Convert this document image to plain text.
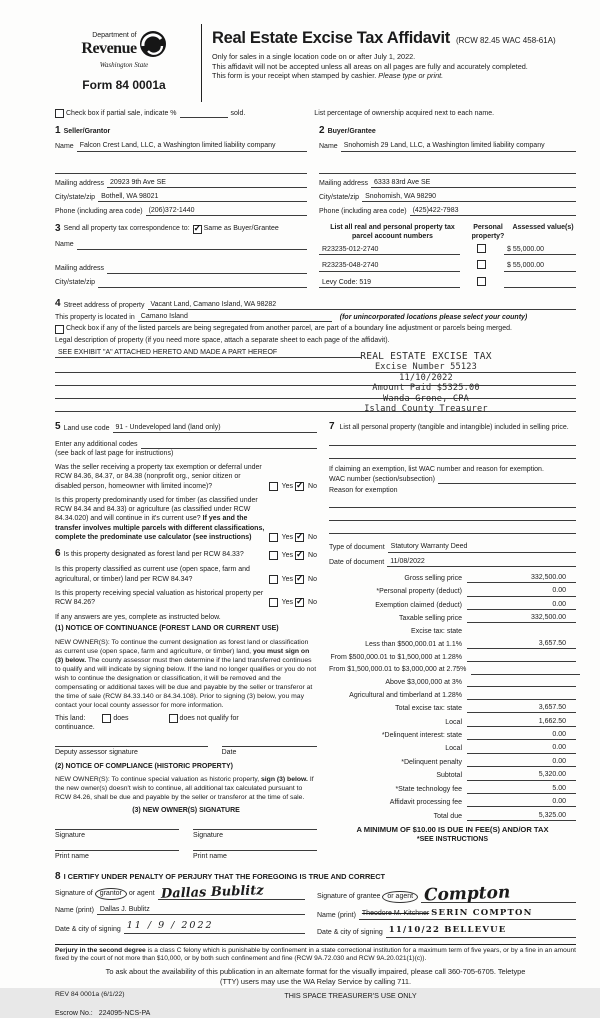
Department of
Revenue
Washington State
Form 84 0001a
Real Estate Excise Tax Affidavit (RCW 82.45 WAC 458-61A)
Only for sales in a single location code on or after July 1, 2022.
This affidavit will not be accepted unless all areas on all pages are fully and accurately completed.
This form is your receipt when stamped by cashier. Please type or print.
Check box if partial sale, indicate %	sold.	List percentage of ownership acquired next to each name.
1 Seller/Grantor
Name Falcon Crest Land, LLC, a Washington limited liability company
Mailing address 20923 9th Ave SE
City/state/zip Bothell, WA 98021
Phone (including area code) (206)372-1440
3 Send all property tax correspondence to: ✓	Same as Buyer/Grantee
Name
Mailing address
City/state/zip
2 Buyer/Grantee
Name Snohomish 29 Land, LLC, a Washington limited liability company
Mailing address 6333 83rd Ave SE
City/state/zip Snohomish, WA 98290
Phone (including area code) (425)422-7983
List all real and personal property tax parcel account numbers
Personal property?
Assessed value(s)
R23235-012-2740	$ 55,000.00
R23235-048-2740	$ 55,000.00
Levy Code: 519
4 Street address of property Vacant Land, Camano Island, WA 98282
This property is located in Camano Island	(for unincorporated locations please select your county)
Check box if any of the listed parcels are being segregated from another parcel, are part of a boundary line adjustment or parcels being merged.
Legal description of property (if you need more space, attach a separate sheet to each page of the affidavit).
SEE EXHIBIT "A" ATTACHED HERETO AND MADE A PART HEREOF	REAL ESTATE EXCISE TAX
Excise Number 55123
11/10/2022
Amount Paid $5325.00
Wanda Grone, CPA
Island County Treasurer
5 Land use code 91 - Undeveloped land (land only)
Enter any additional codes
(see back of last page for instructions)
Was the seller receiving a property tax exemption or deferral under RCW 84.36, 84.37, or 84.38 (nonprofit org., senior citizen or disabled person, homeowner with limited income)?	Yes ✓ No
Is this property predominantly used for timber (as classified under RCW 84.34 and 84.33) or agriculture (as classified under RCW 84.34.020) and will continue in it's current use? If yes and the transfer involves multiple parcels with different classifications, complete the predominate use calculator (see instructions)	Yes ✓ No
6 Is this property designated as forest land per RCW 84.33?	Yes ✓ No
Is this property classified as current use (open space, farm and agricultural, or timber) land per RCW 84.34?	Yes ✓ No
Is this property receiving special valuation as historical property per RCW 84.26?	Yes ✓ No
If any answers are yes, complete as instructed below.
(1) NOTICE OF CONTINUANCE (FOREST LAND OR CURRENT USE)
NEW OWNER(S): To continue the current designation as forest land or classification as current use (open space, farm and agriculture, or timber) land, you must sign on (3) below. The county assessor must then determine if the land transferred continues to qualify and will indicate by signing below. If the land no longer qualifies or you do not wish to continue the designation or classification, it will be removed and the compensating or additional taxes will be due and payable by the seller or transferor at the time of sale (RCW 84.33.140 or 84.34.108). Prior to signing (3) below, you may contact your local county assessor for more information.
This land:	does	does not qualify for
continuance.
Deputy assessor signature	Date
(2) NOTICE OF COMPLIANCE (HISTORIC PROPERTY)
NEW OWNER(S): To continue special valuation as historic property, sign (3) below. If the new owner(s) doesn't wish to continue, all additional tax calculated pursuant to RCW 84.26, shall be due and payable by the seller or transferor at the time of sale.
(3) NEW OWNER(S) SIGNATURE
Signature	Signature
Print name	Print name
7 List all personal property (tangible and intangible) included in selling price.
If claiming an exemption, list WAC number and reason for exemption.
WAC number (section/subsection)
Reason for exemption
Type of document Statutory Warranty Deed
Date of document 11/08/2022
Gross selling price	332,500.00
*Personal property (deduct)	0.00
Exemption claimed (deduct)	0.00
Taxable selling price	332,500.00
Excise tax: state
Less than $500,000.01 at 1.1%	3,657.50
From $500,000.01 to $1,500,000 at 1.28%
From $1,500,000.01 to $3,000,000 at 2.75%
Above $3,000,000 at 3%
Agricultural and timberland at 1.28%
Total excise tax: state	3,657.50
Local	1,662.50
*Delinquent interest: state	0.00
Local	0.00
*Delinquent penalty	0.00
Subtotal	5,320.00
*State technology fee	5.00
Affidavit processing fee	0.00
Total due	5,325.00
A MINIMUM OF $10.00 IS DUE IN FEE(S) AND/OR TAX
*SEE INSTRUCTIONS
8 I CERTIFY UNDER PENALTY OF PERJURY THAT THE FOREGOING IS TRUE AND CORRECT
Signature of grantor or agent Dallas Bublitz
Name (print) Dallas J. Bublitz
Date & city of signing 11 / 9 / 2022
Signature of grantee or agent Compton
Name (print) Theodore M. Kitchner SERIN COMPTON
Date & city of signing 11/10/22 BELLEVUE
Perjury in the second degree is a class C felony which is punishable by confinement in a state correctional institution for a maximum term of five years, or by a fine in an amount fixed by the court of not more than $10,000, or by both such confinement and fine (RCW 9A.72.030 and RCW 9A.20.021(1)(c)).
To ask about the availability of this publication in an alternate format for the visually impaired, please call 360-705-6705. Teletype
(TTY) users may use the WA Relay Service by calling 711.
REV 84 0001a (6/1/22)	THIS SPACE TREASURER'S USE ONLY
Escrow No.: 224095-NCS-PA
